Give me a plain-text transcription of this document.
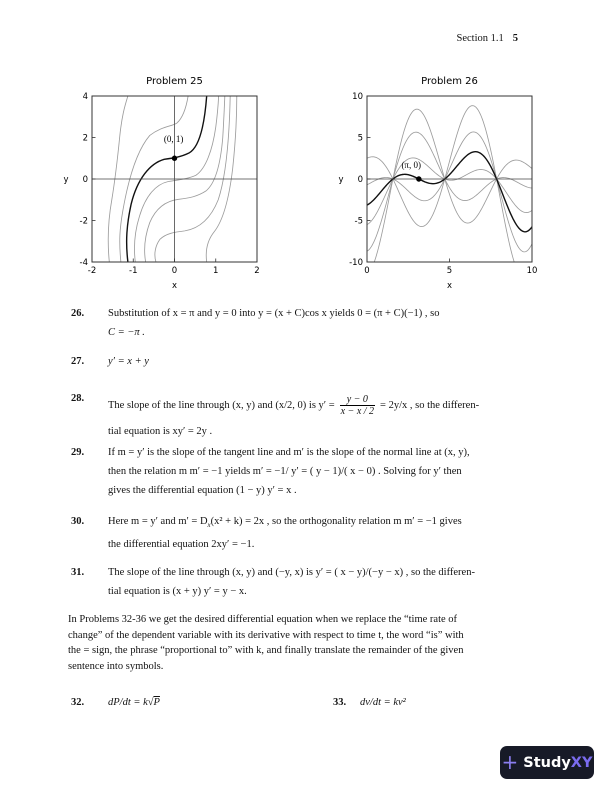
Section 1.1 5
Problem 25
-2	-1	0	1	2
-4
-2
0
2
4
x
y
(0, 1)
Problem 26
0	5	10
-10
-5
0
5
10
x
y
(π, 0)
26. Substitution of x = π and y = 0 into y = (x + C)cos x yields 0 = (π + C)(−1) , so
C = −π .
27. y′ = x + y
28.
The slope of the line through (x, y) and (x/2, 0) is $y' = \frac{y - 0}{x - x / 2} = 2y/x$ , so the differen-
tial equation is xy′ = 2y .
29. If m = y′ is the slope of the tangent line and m′ is the slope of the normal line at (x, y),
then the relation m m′ = −1 yields m′ = −1/ y′ = ( y − 1)/( x − 0) . Solving for y′ then
gives the differential equation (1 − y) y′ = x .
30. Here m = y′ and $m' = D_x(x^2 + k) = 2x$ , so the orthogonality relation m m′ = −1 gives
the differential equation 2xy′ = −1.
31. The slope of the line through (x, y) and (−y, x) is y′ = ( x − y)/(−y − x) , so the differen-
tial equation is (x + y) y′ = y − x.
In Problems 32-36 we get the desired differential equation when we replace the “time rate of
change” of the dependent variable with its derivative with respect to time t, the word “is” with
the = sign, the phrase “proportional to” with k, and finally translate the remainder of the given
sentence into symbols.
32. dP/dt = k√P	33. dv/dt = kv²
+ Study XY
